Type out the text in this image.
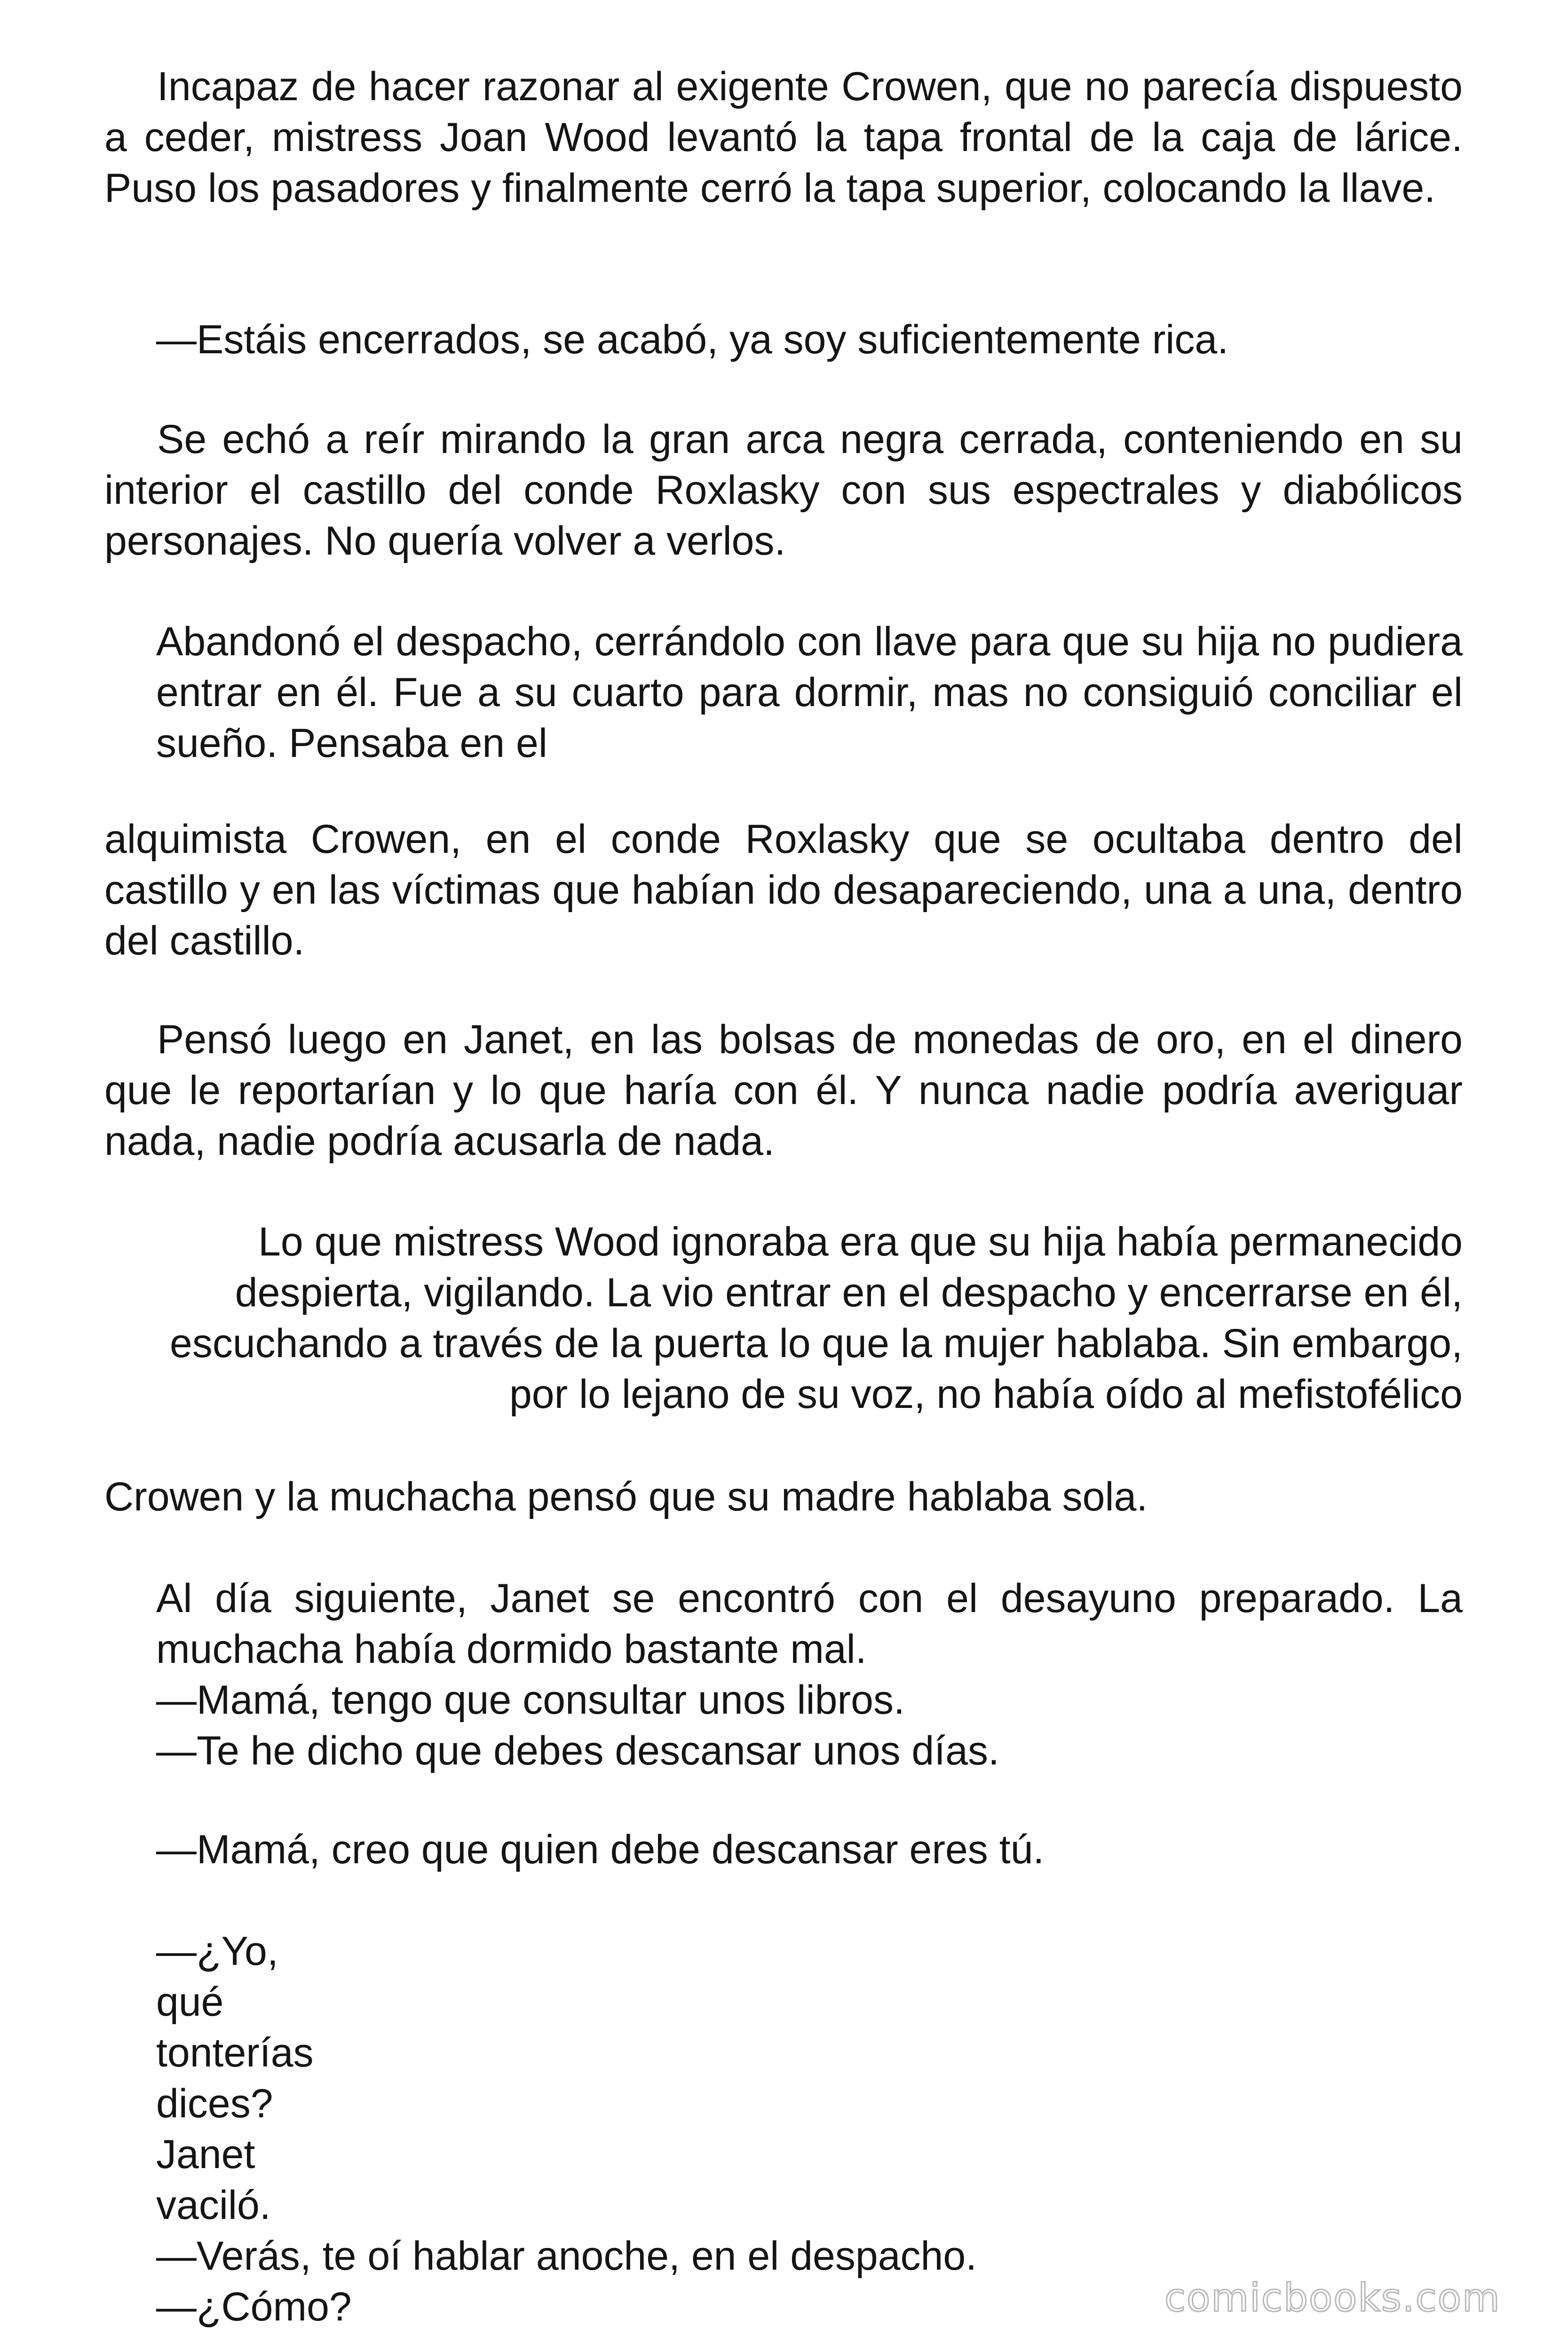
Incapaz de hacer razonar al exigente Crowen, que no parecía dispuesto a ceder, mistress Joan Wood levantó la tapa frontal de la caja de lárice. Puso los pasadores y finalmente cerró la tapa superior, colocando la llave.

—Estáis encerrados, se acabó, ya soy suficientemente rica.

Se echó a reír mirando la gran arca negra cerrada, conteniendo en su interior el castillo del conde Roxlasky con sus espectrales y diabólicos personajes. No quería volver a verlos.

Abandonó el despacho, cerrándolo con llave para que su hija no pudiera entrar en él. Fue a su cuarto para dormir, mas no consiguió conciliar el sueño. Pensaba en el

alquimista Crowen, en el conde Roxlasky que se ocultaba dentro del castillo y en las víctimas que habían ido desapareciendo, una a una, dentro del castillo.

Pensó luego en Janet, en las bolsas de monedas de oro, en el dinero que le reportarían y lo que haría con él. Y nunca nadie podría averiguar nada, nadie podría acusarla de nada.

Lo que mistress Wood ignoraba era que su hija había permanecido despierta, vigilando. La vio entrar en el despacho y encerrarse en él, escuchando a través de la puerta lo que la mujer hablaba. Sin embargo, por lo lejano de su voz, no había oído al mefistofélico

Crowen y la muchacha pensó que su madre hablaba sola.

Al día siguiente, Janet se encontró con el desayuno preparado. La muchacha había dormido bastante mal.
—Mamá, tengo que consultar unos libros.
—Te he dicho que debes descansar unos días.

—Mamá, creo que quien debe descansar eres tú.

—¿Yo,
qué
tonterías
dices?
Janet
vaciló.
—Verás, te oí hablar anoche, en el despacho.
—¿Cómo?	comicbooks.com
